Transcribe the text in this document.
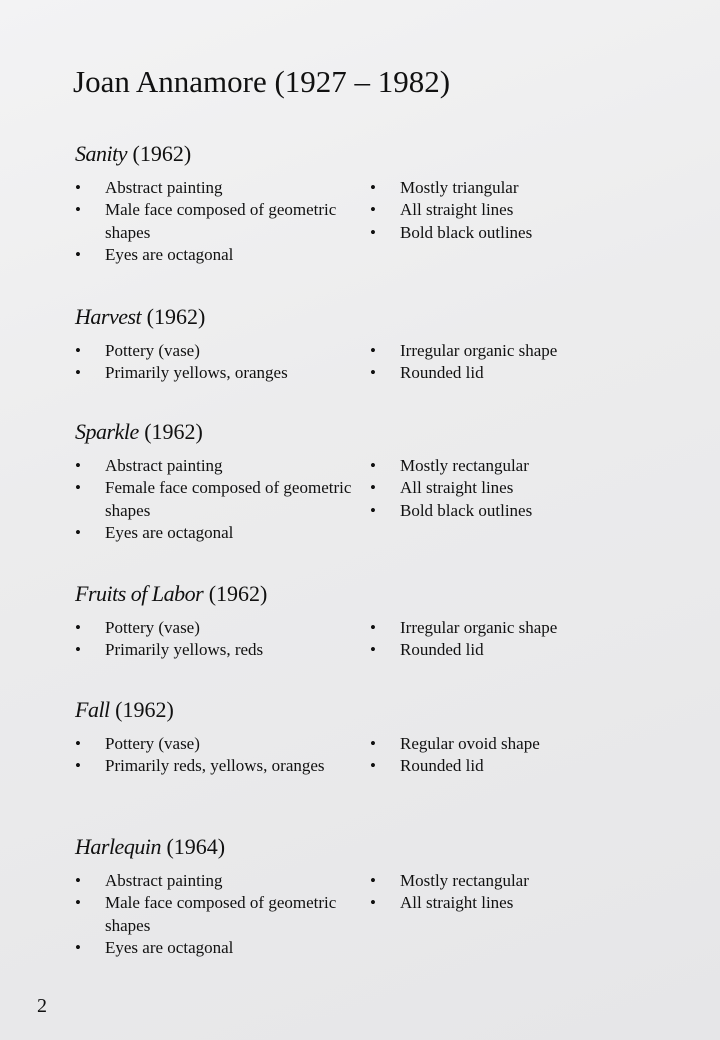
Joan Annamore (1927 – 1982)
Sanity (1962)
• Abstract painting
• Male face composed of geometric shapes
• Eyes are octagonal
• Mostly triangular
• All straight lines
• Bold black outlines
Harvest (1962)
• Pottery (vase)
• Primarily yellows, oranges
• Irregular organic shape
• Rounded lid
Sparkle (1962)
• Abstract painting
• Female face composed of geometric shapes
• Eyes are octagonal
• Mostly rectangular
• All straight lines
• Bold black outlines
Fruits of Labor (1962)
• Pottery (vase)
• Primarily yellows, reds
• Irregular organic shape
• Rounded lid
Fall (1962)
• Pottery (vase)
• Primarily reds, yellows, oranges
• Regular ovoid shape
• Rounded lid
Harlequin (1964)
• Abstract painting
• Male face composed of geometric shapes
• Eyes are octagonal
• Mostly rectangular
• All straight lines
2
